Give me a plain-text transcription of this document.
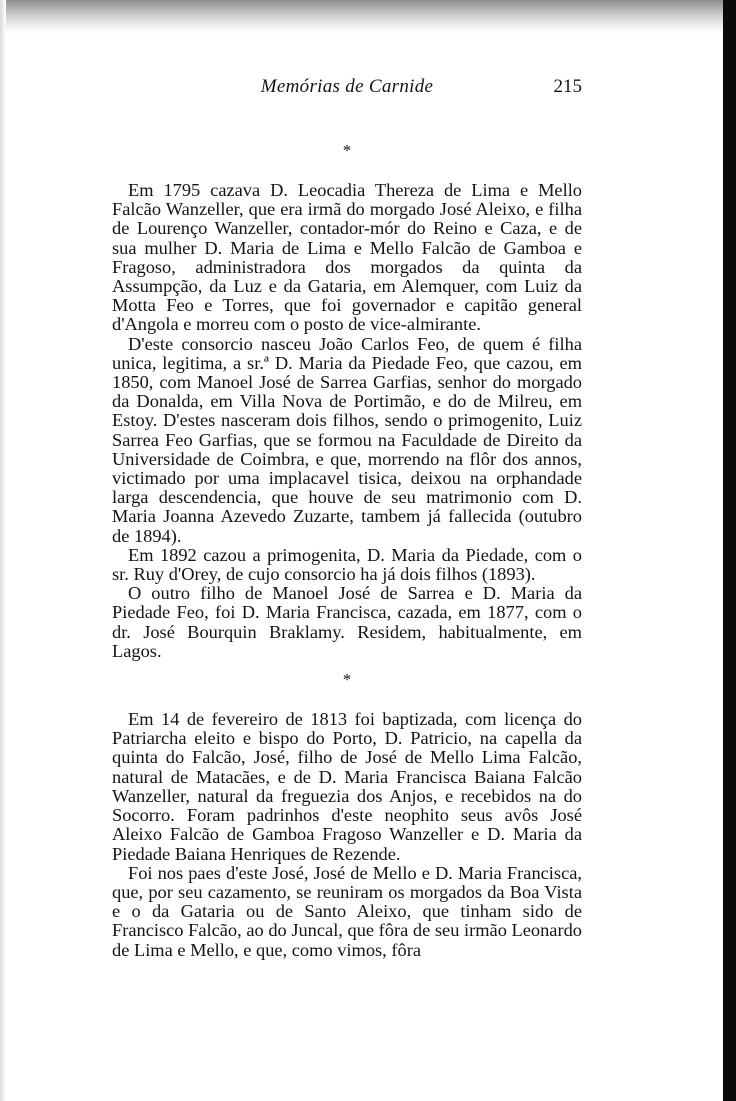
Memórias de Carnide	215
*

Em 1795 cazava D. Leocadia Thereza de Lima e Mello Falcão Wanzeller, que era irmã do morgado José Aleixo, e filha de Lourenço Wanzeller, contador-mór do Reino e Caza, e de sua mulher D. Maria de Lima e Mello Falcão de Gamboa e Fragoso, administradora dos morgados da quinta da Assumpção, da Luz e da Gataria, em Alemquer, com Luiz da Motta Feo e Torres, que foi governador e capitão general d'Angola e morreu com o posto de vice-almirante.

D'este consorcio nasceu João Carlos Feo, de quem é filha unica, legitima, a sr.ª D. Maria da Piedade Feo, que cazou, em 1850, com Manoel José de Sarrea Garfias, senhor do morgado da Donalda, em Villa Nova de Portimão, e do de Milreu, em Estoy. D'estes nasceram dois filhos, sendo o primogenito, Luiz Sarrea Feo Garfias, que se formou na Faculdade de Direito da Universidade de Coimbra, e que, morrendo na flôr dos annos, victimado por uma implacavel tisica, deixou na orphandade larga descendencia, que houve de seu matrimonio com D. Maria Joanna Azevedo Zuzarte, tambem já fallecida (outubro de 1894).

Em 1892 cazou a primogenita, D. Maria da Piedade, com o sr. Ruy d'Orey, de cujo consorcio ha já dois filhos (1893).

O outro filho de Manoel José de Sarrea e D. Maria da Piedade Feo, foi D. Maria Francisca, cazada, em 1877, com o dr. José Bourquin Braklamy. Residem, habitualmente, em Lagos.

*

Em 14 de fevereiro de 1813 foi baptizada, com licença do Patriarcha eleito e bispo do Porto, D. Patricio, na capella da quinta do Falcão, José, filho de José de Mello Lima Falcão, natural de Matacães, e de D. Maria Francisca Baiana Falcão Wanzeller, natural da freguezia dos Anjos, e recebidos na do Socorro. Foram padrinhos d'este neophito seus avôs José Aleixo Falcão de Gamboa Fragoso Wanzeller e D. Maria da Piedade Baiana Henriques de Rezende.

Foi nos paes d'este José, José de Mello e D. Maria Francisca, que, por seu cazamento, se reuniram os morgados da Boa Vista e o da Gataria ou de Santo Aleixo, que tinham sido de Francisco Falcão, ao do Juncal, que fôra de seu irmão Leonardo de Lima e Mello, e que, como vimos, fôra
